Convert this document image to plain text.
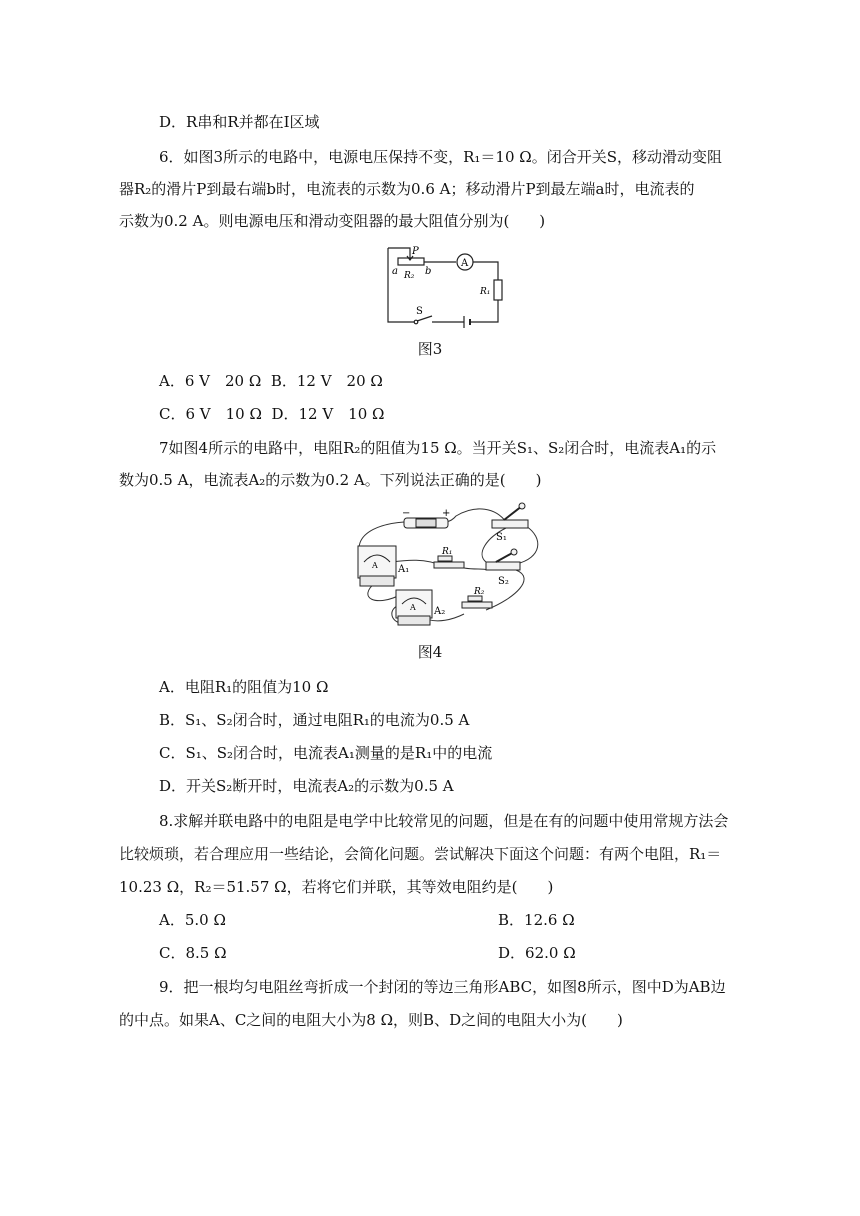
D．R串和R并都在Ⅰ区域
6．如图3所示的电路中，电源电压保持不变，R₁＝10 Ω。闭合开关S，移动滑动变阻
器R₂的滑片P到最右端b时，电流表的示数为0.6 A；移动滑片P到最左端a时，电流表的
示数为0.2 A。则电源电压和滑动变阻器的最大阻值分别为(　　)
P
a	b
R₂
A
R₁
S
图3
A．6 V　20 Ω B．12 V　20 Ω
C．6 V　10 Ω D．12 V　10 Ω
7如图4所示的电路中，电阻R₂的阻值为15 Ω。当开关S₁、S₂闭合时，电流表A₁的示
数为0.5 A，电流表A₂的示数为0.2 A。下列说法正确的是(　　)
−	+
S₁
S₂
A A₁
R₁
A A₂
R₂
图4
A．电阻R₁的阻值为10 Ω
B．S₁、S₂闭合时，通过电阻R₁的电流为0.5 A
C．S₁、S₂闭合时，电流表A₁测量的是R₁中的电流
D．开关S₂断开时，电流表A₂的示数为0.5 A
8.求解并联电路中的电阻是电学中比较常见的问题，但是在有的问题中使用常规方法会
比较烦琐，若合理应用一些结论，会简化问题。尝试解决下面这个问题：有两个电阻，R₁＝
10.23 Ω，R₂＝51.57 Ω，若将它们并联，其等效电阻约是(　　)
A．5.0 Ω	B．12.6 Ω
C．8.5 Ω	D．62.0 Ω
9．把一根均匀电阻丝弯折成一个封闭的等边三角形ABC，如图8所示，图中D为AB边
的中点。如果A、C之间的电阻大小为8 Ω，则B、D之间的电阻大小为(　　)
